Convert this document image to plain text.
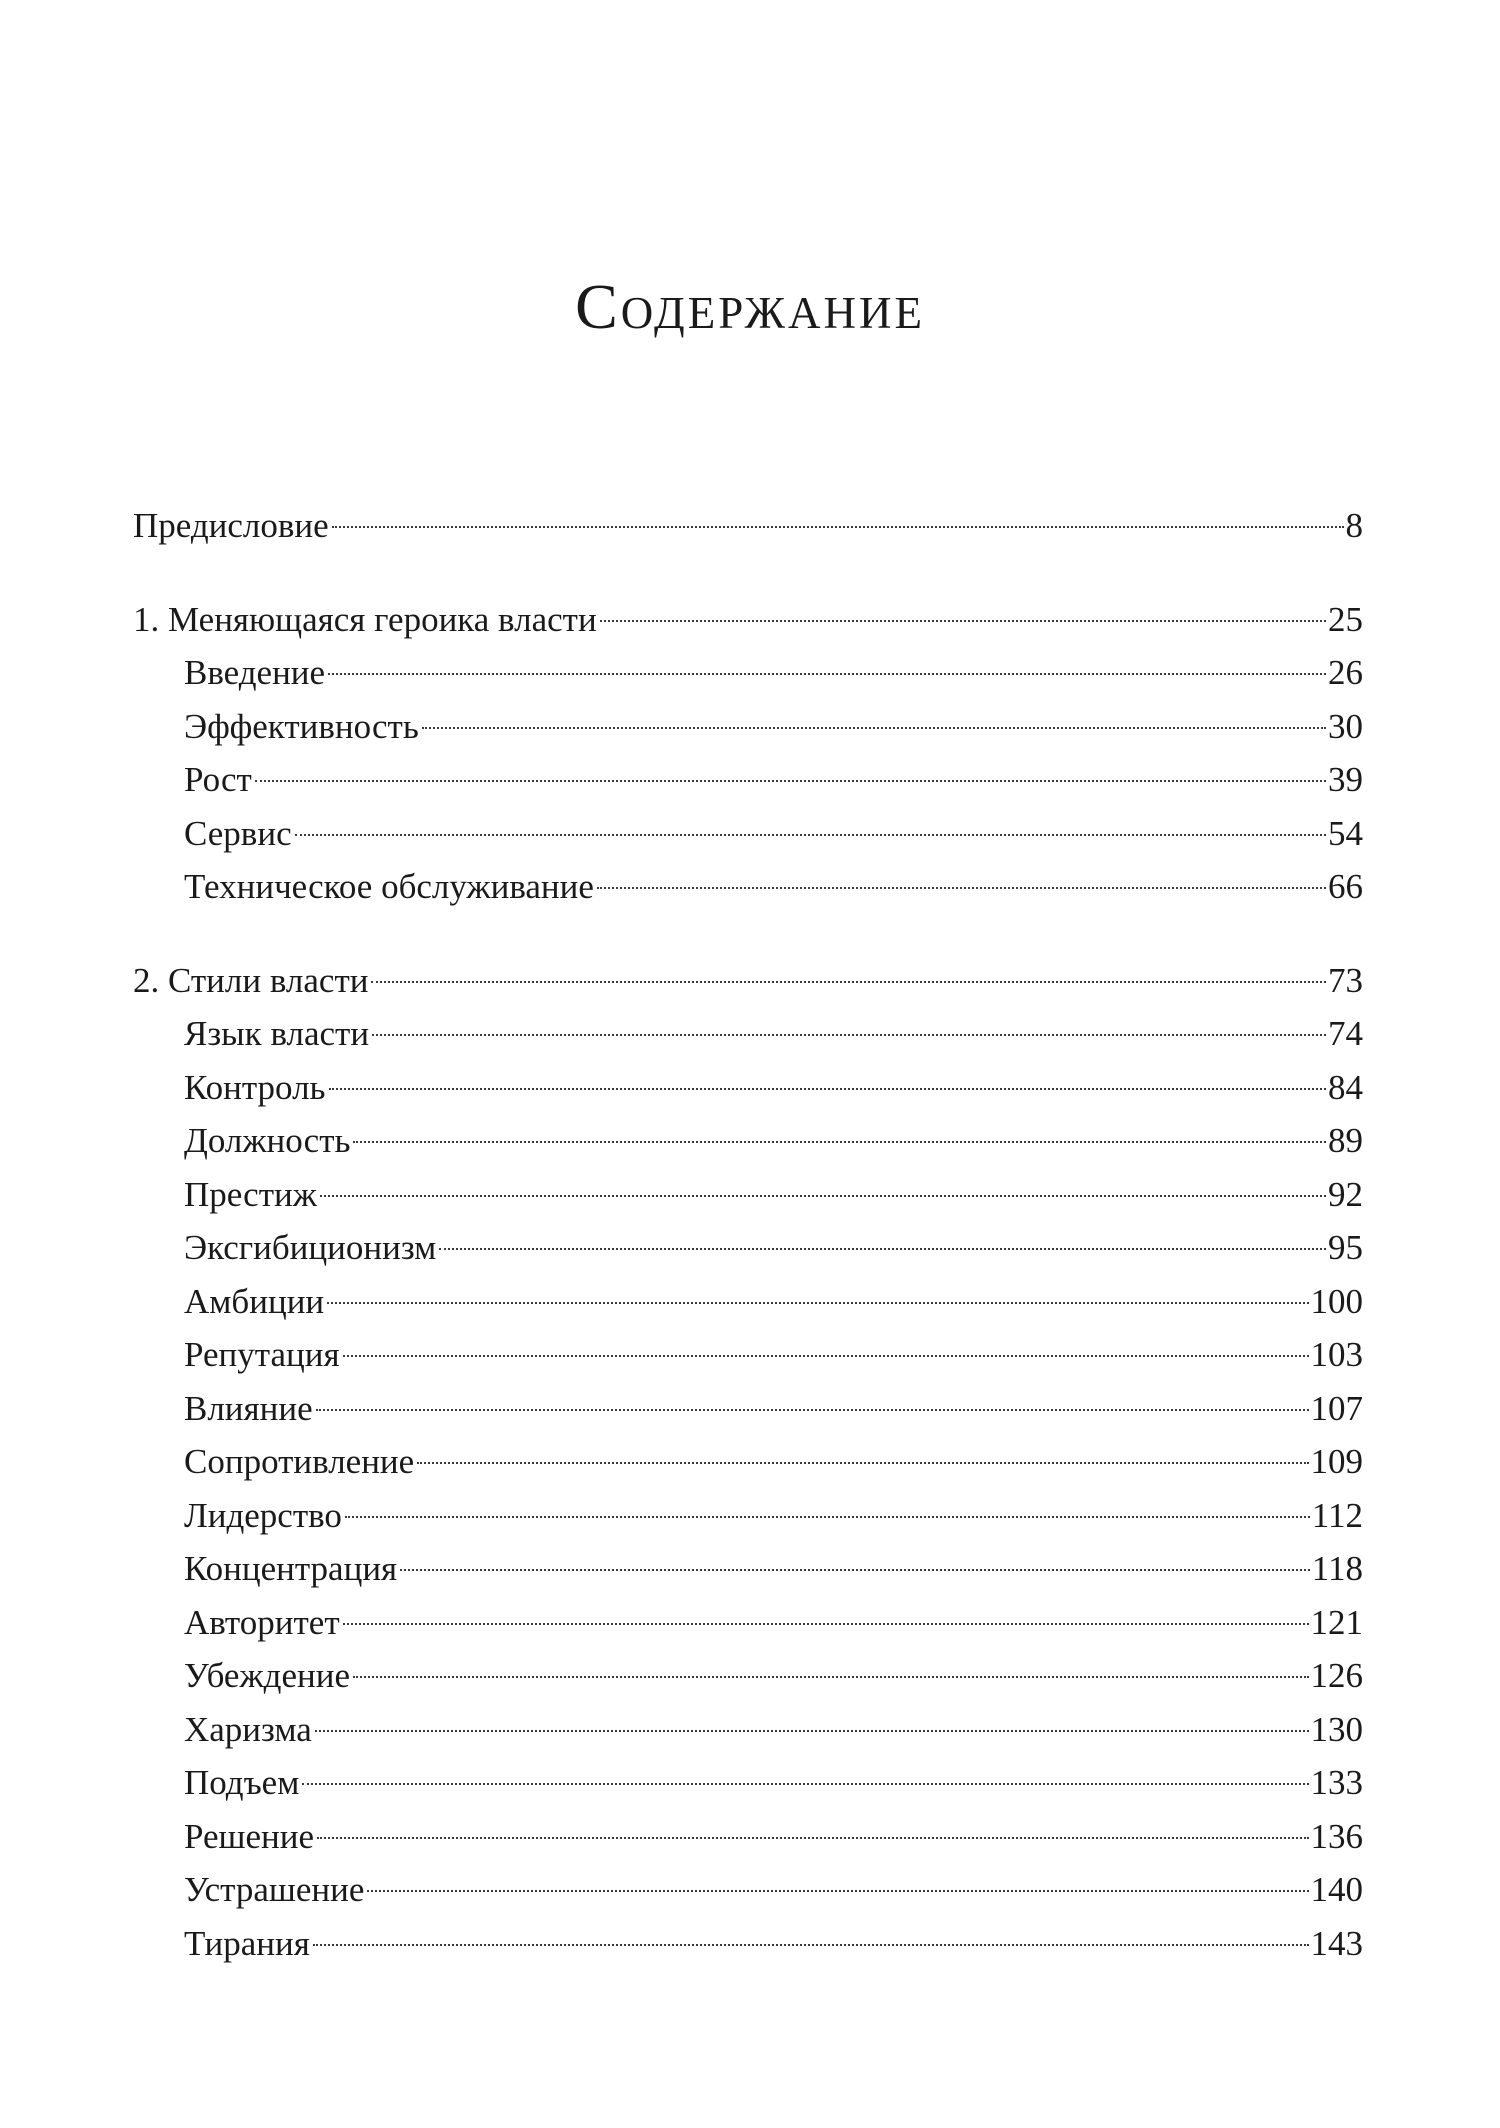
Содержание
Предисловие	8
1. Меняющаяся героика власти	25
Введение	26
Эффективность	30
Рост	39
Сервис	54
Техническое обслуживание	66
2. Стили власти	73
Язык власти	74
Контроль	84
Должность	89
Престиж	92
Эксгибиционизм	95
Амбиции	100
Репутация	103
Влияние	107
Сопротивление	109
Лидерство	112
Концентрация	118
Авторитет	121
Убеждение	126
Харизма	130
Подъем	133
Решение	136
Устрашение	140
Тирания	143
